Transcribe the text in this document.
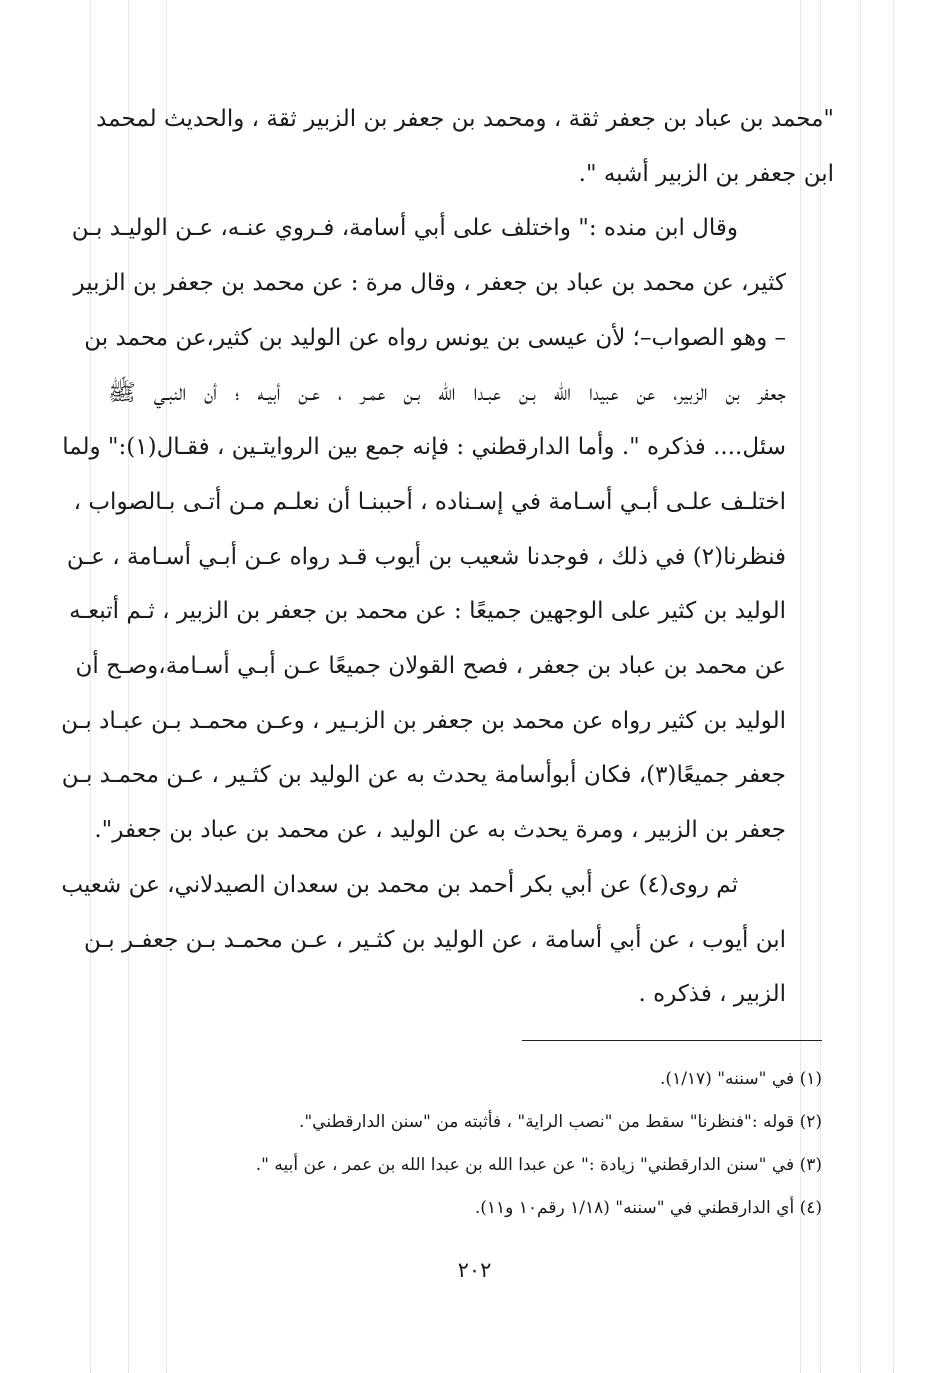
"محمد بن عباد بن جعفر ثقة ، ومحمد بن جعفر بن الزبير ثقة ، والحديث لمحمد
ابن جعفر بن الزبير أشبه ".
وقال ابن منده :" واختلف على أبي أسامة، فـروي عنـه، عـن الوليـد بـن
كثير، عن محمد بن عباد بن جعفر ، وقال مرة : عن محمد بن جعفر بن الزبير
– وهو الصواب–؛ لأن عيسى بن يونس رواه عن الوليد بن كثير،عن محمد بن
جعفر بن الزبير، عن عبيدا الله بـن عبـدا الله بـن عمـر ، عـن أبيـه ؛ أن النبـي ﷺ
سئل.... فذكره ". وأما الدارقطني : فإنه جمع بين الروايتـين ، فقـال(١):" ولما
اختلـف علـى أبـي أسـامة في إسـناده ، أحببنـا أن نعلـم مـن أتـى بـالصواب ،
فنظرنا(٢) في ذلك ، فوجدنا شعيب بن أيوب قـد رواه عـن أبـي أسـامة ، عـن
الوليد بن كثير على الوجهين جميعًا : عن محمد بن جعفر بن الزبير ، ثـم أتبعـه
عن محمد بن عباد بن جعفر ، فصح القولان جميعًا عـن أبـي أسـامة،وصـح أن
الوليد بن كثير رواه عن محمد بن جعفر بن الزبـير ، وعـن محمـد بـن عبـاد بـن
جعفر جميعًا(٣)، فكان أبوأسامة يحدث به عن الوليد بن كثـير ، عـن محمـد بـن
جعفر بن الزبير ، ومرة يحدث به عن الوليد ، عن محمد بن عباد بن جعفر".
ثم روى(٤) عن أبي بكر أحمد بن محمد بن سعدان الصيدلاني، عن شعيب
ابن أيوب ، عن أبي أسامة ، عن الوليد بن كثـير ، عـن محمـد بـن جعفـر بـن
الزبير ، فذكره .
(١) في "سننه" (١/١٧).
(٢) قوله :"فنظرنا" سقط من "نصب الراية" ، فأثبته من "سنن الدارقطني".
(٣) في "سنن الدارقطني" زيادة :" عن عبدا الله بن عبدا الله بن عمر ، عن أبيه ".
(٤) أي الدارقطني في "سننه" (١/١٨ رقم١٠ و١١).
٢٠٢
